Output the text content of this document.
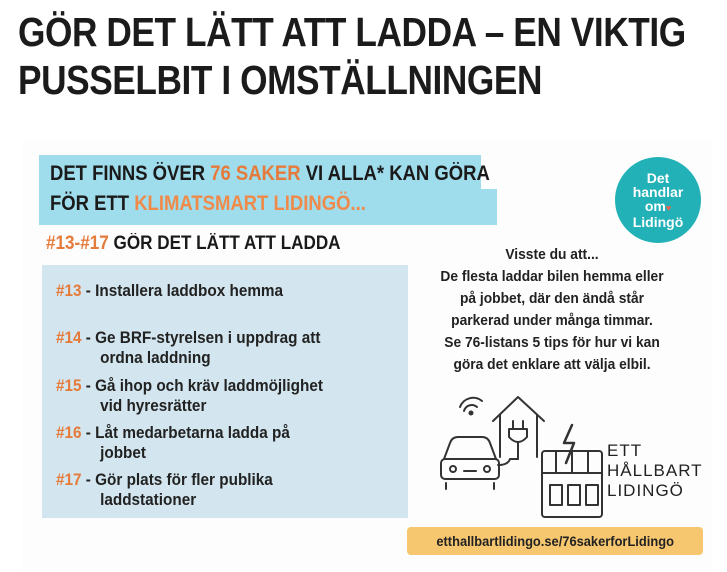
GÖR DET LÄTT ATT LADDA – EN VIKTIG
PUSSELBIT I OMSTÄLLNINGEN
DET FINNS ÖVER 76 SAKER VI ALLA* KAN GÖRA
FÖR ETT KLIMATSMART LIDINGÖ...
Det
handlar
om♥
Lidingö
#13-#17 GÖR DET LÄTT ATT LADDA
#13 - Installera laddbox hemma
#14 - Ge BRF-styrelsen i uppdrag att
ordna laddning
#15 - Gå ihop och kräv laddmöjlighet
vid hyresrätter
#16 - Låt medarbetarna ladda på
jobbet
#17 - Gör plats för fler publika
laddstationer
Visste du att...
De flesta laddar bilen hemma eller
på jobbet, där den ändå står
parkerad under många timmar.
Se 76-listans 5 tips för hur vi kan
göra det enklare att välja elbil.
ETT
HÅLLBART
LIDINGÖ
etthallbartlidingo.se/76sakerforLidingo
